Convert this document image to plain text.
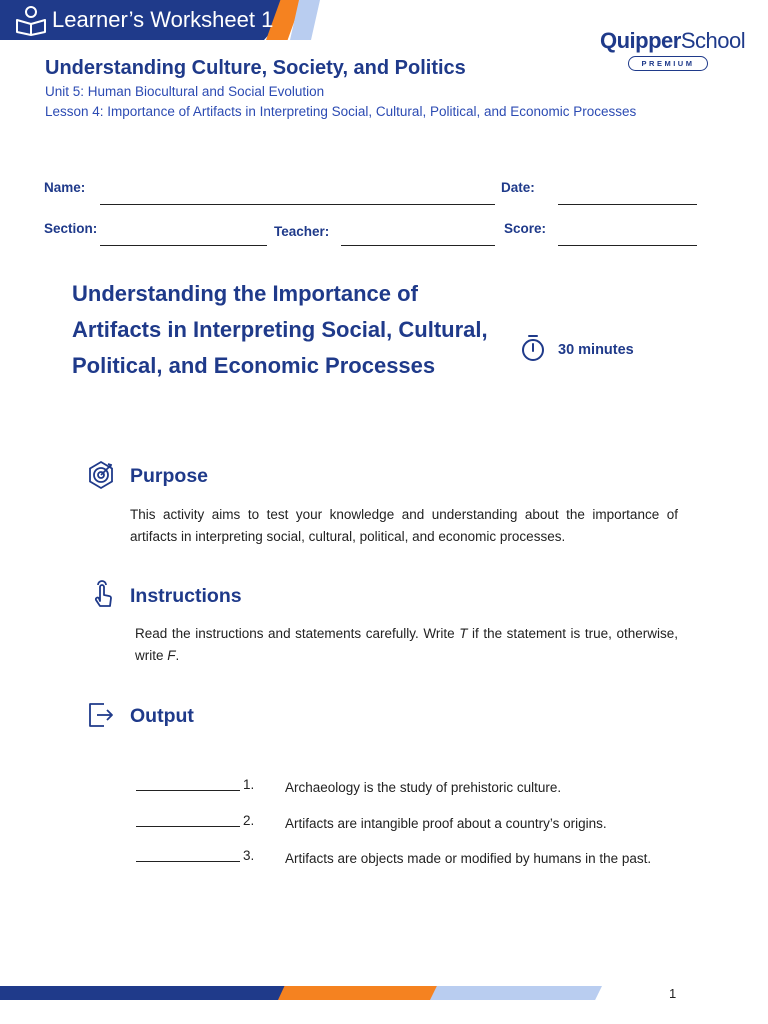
Learner’s Worksheet 1
QuipperSchool
PREMIUM
Understanding Culture, Society, and Politics
Unit 5: Human Biocultural and Social Evolution
Lesson 4: Importance of Artifacts in Interpreting Social, Cultural, Political, and Economic Processes
Name:	Date:
Section:	Teacher:	Score:
Understanding the Importance of Artifacts in Interpreting Social, Cultural, Political, and Economic Processes
30 minutes
Purpose
This activity aims to test your knowledge and understanding about the importance of artifacts in interpreting social, cultural, political, and economic processes.
Instructions
Read the instructions and statements carefully. Write T if the statement is true, otherwise, write F.
Output
1. Archaeology is the study of prehistoric culture.
2. Artifacts are intangible proof about a country’s origins.
3. Artifacts are objects made or modified by humans in the past.
1
